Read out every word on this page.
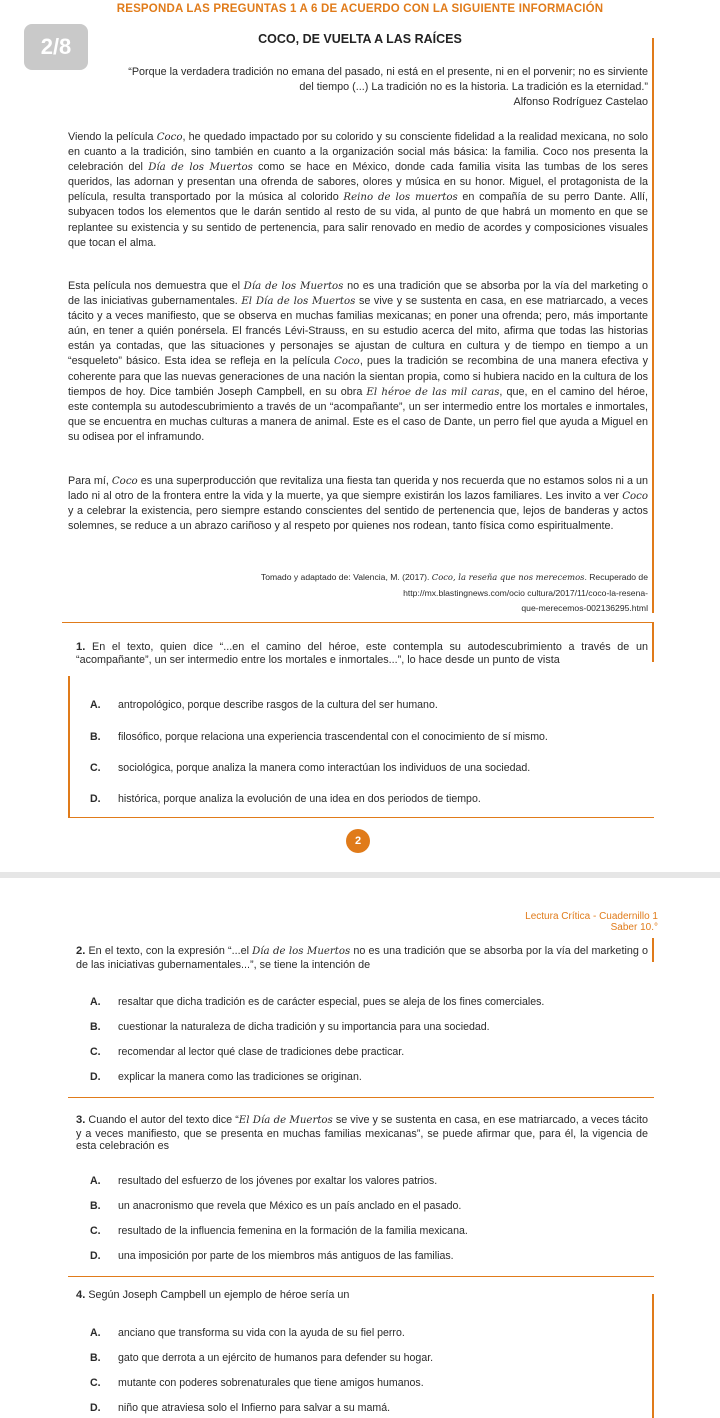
RESPONDA LAS PREGUNTAS 1 A 6 DE ACUERDO CON LA SIGUIENTE INFORMACIÓN
2/8	COCO, DE VUELTA A LAS RAÍCES
“Porque la verdadera tradición no emana del pasado, ni está en el presente, ni en el porvenir; no es sirviente
del tiempo (...) La tradición no es la historia. La tradición es la eternidad.”
Alfonso Rodríguez Castelao

Viendo la película Coco, he quedado impactado por su colorido y su consciente fidelidad a la realidad mexicana, no solo en cuanto a la tradición, sino también en cuanto a la organización social más básica: la familia. Coco nos presenta la celebración del Día de los Muertos como se hace en México, donde cada familia visita las tumbas de los seres queridos, las adornan y presentan una ofrenda de sabores, olores y música en su honor. Miguel, el protagonista de la película, resulta transportado por la música al colorido Reino de los muertos en compañía de su perro Dante. Allí, subyacen todos los elementos que le darán sentido al resto de su vida, al punto de que habrá un momento en que se replantee su existencia y su sentido de pertenencia, para salir renovado en medio de acordes y composiciones visuales que tocan el alma.

Esta película nos demuestra que el Día de los Muertos no es una tradición que se absorba por la vía del marketing o de las iniciativas gubernamentales. El Día de los Muertos se vive y se sustenta en casa, en ese matriarcado, a veces tácito y a veces manifiesto, que se observa en muchas familias mexicanas; en poner una ofrenda; pero, más importante aún, en tener a quién ponérsela. El francés Lévi-Strauss, en su estudio acerca del mito, afirma que todas las historias están ya contadas, que las situaciones y personajes se ajustan de cultura en cultura y de tiempo en tiempo a un “esqueleto” básico. Esta idea se refleja en la película Coco, pues la tradición se recombina de una manera efectiva y coherente para que las nuevas generaciones de una nación la sientan propia, como si hubiera nacido en la cultura de los tiempos de hoy. Dice también Joseph Campbell, en su obra El héroe de las mil caras, que, en el camino del héroe, este contempla su autodescubrimiento a través de un “acompañante”, un ser intermedio entre los mortales e inmortales, que se encuentra en muchas culturas a manera de animal. Este es el caso de Dante, un perro fiel que ayuda a Miguel en su odisea por el inframundo.

Para mí, Coco es una superproducción que revitaliza una fiesta tan querida y nos recuerda que no estamos solos ni a un lado ni al otro de la frontera entre la vida y la muerte, ya que siempre existirán los lazos familiares. Les invito a ver Coco y a celebrar la existencia, pero siempre estando conscientes del sentido de pertenencia que, lejos de banderas y actos solemnes, se reduce a un abrazo cariñoso y al respeto por quienes nos rodean, tanto física como espiritualmente.

Tomado y adaptado de: Valencia, M. (2017). Coco, la reseña que nos merecemos. Recuperado de
http://mx.blastingnews.com/ocio cultura/2017/11/coco-la-resena-
que-merecemos-002136295.html
1. En el texto, quien dice “...en el camino del héroe, este contempla su autodescubrimiento a través de un “acompañante”, un ser intermedio entre los mortales e inmortales...”, lo hace desde un punto de vista
A. antropológico, porque describe rasgos de la cultura del ser humano.
B. filosófico, porque relaciona una experiencia trascendental con el conocimiento de sí mismo.
C. sociológica, porque analiza la manera como interactúan los individuos de una sociedad.
D. histórica, porque analiza la evolución de una idea en dos periodos de tiempo.
2
Lectura Crítica - Cuadernillo 1
Saber 10.°
2. En el texto, con la expresión “...el Día de los Muertos no es una tradición que se absorba por la vía del marketing o de las iniciativas gubernamentales...”, se tiene la intención de
A. resaltar que dicha tradición es de carácter especial, pues se aleja de los fines comerciales.
B. cuestionar la naturaleza de dicha tradición y su importancia para una sociedad.
C. recomendar al lector qué clase de tradiciones debe practicar.
D. explicar la manera como las tradiciones se originan.
3. Cuando el autor del texto dice “El Día de Muertos se vive y se sustenta en casa, en ese matriarcado, a veces tácito y a veces manifiesto, que se presenta en muchas familias mexicanas”, se puede afirmar que, para él, la vigencia de esta celebración es
A. resultado del esfuerzo de los jóvenes por exaltar los valores patrios.
B. un anacronismo que revela que México es un país anclado en el pasado.
C. resultado de la influencia femenina en la formación de la familia mexicana.
D. una imposición por parte de los miembros más antiguos de las familias.
4. Según Joseph Campbell un ejemplo de héroe sería un
A. anciano que transforma su vida con la ayuda de su fiel perro.
B. gato que derrota a un ejército de humanos para defender su hogar.
C. mutante con poderes sobrenaturales que tiene amigos humanos.
D. niño que atraviesa solo el Infierno para salvar a su mamá.
